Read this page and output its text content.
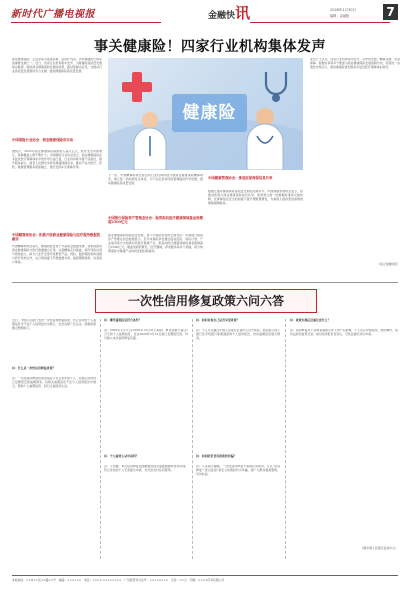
新时代广播电视报	金融快 讯	2026年1月30日
编辑：金融版	7
事关健康险！四家行业机构集体发声
商业健康保险，正逐步成为促进消费、投资扩内需、养老健康医疗体系的重要支撑之一。近日，四家行业机构集中发声，为健康险高质量发展建言献策，围绕商业健康保险发展的政策、路径等提出意见，为推动行业高质量发展提供有力支撑，推进健康保险高质量发展。
中国保险行业协会：商业健康保险有市场
据统计，2025年商业健康保险保费收入超万亿元，赔付支出持续增长，保障覆盖人群不断扩大。中国保险行业协会表示，商业健康保险在多层次医疗保障体系中的作用日益凸显，行业将持续丰富产品供给，提升服务能力，满足人民群众多样化健康保障需求，推动产品与医疗、医药、健康管理服务深度融合，更好发挥补充保障作用。
中国精算师协会：积极开展商业健康保险与医疗服务数据的融合
中国精算师协会指出，健康险经营离不开高质量数据支撑，将积极推动商业健康保险与医疗数据融合应用，完善精算定价基础，提升风险识别与管控能力，助力行业开发更多普惠型产品。同时，鼓励保险机构加强与医疗机构合作，在合规前提下开展数据共享，提高理赔效率，改善客户体验。
健康险
下一步，中国精算师协会将会同行业机构持续开展商业健康保险精算研究，建立统一的疾病发生率表，为产品定价和风险管理提供科学依据，推动健康险高质量发展。
中国银行保险资产管理业协会：险资拟向医疗健康领域基金规模超2500亿元
商业健康保险的高质量发展，离不开保险资金的长期支持。中国银行保险资产管理业协会数据显示，近年来保险资金通过股权投资、债权计划、产业基金等方式积极布局医疗健康产业，拟投向医疗健康领域的基金规模超过2500亿元，覆盖创新药研发、医疗器械、养老服务等多个领域，助力构建保险与健康产业协同发展的新格局。
中国健康管理协会：推进医保商保信息共享
数据互通是健康保险高质量发展的关键环节。中国健康管理协会表示，将推动医保与商业健康保险信息共享，探索建立统一的数据标准和交换机制，在保障信息安全的前提下提升理赔便捷性，为参保人提供更加高效的健康保障服务。
业内人士认为，四家行业机构集中发声，从市场发展、精算支撑、资金保障、数据共享等多个维度为商业健康保险发展指明方向，有望进一步激发市场活力，推动健康险更好服务多层次医疗保障体系建设。
（综合金融时报）
一次性信用修复政策六问六答
近日，中国人民银行发布一次性信用修复政策，符合条件的个人逾期信息可不在个人信用报告中展示，社会各界广泛关注。现就政策要点整理如下。
问：什么是一次性信用修复政策？
答：一次性信用修复政策是指对于符合条件的个人，在规定时间内已足额偿还的逾期债务，其相关逾期信息不在个人信用报告中展示，帮助个人重塑信用，回归正常经济生活。
问：哪些逾期信息符合条件？
答：2020年1月1日至2025年12月31日期间，单笔金额不超过1万元的个人逾期信息，且在2026年3月31日前已足额偿还的，均可纳入本次信用修复范围。
问：个人需要主动申请吗？
答：不需要。本次信用修复由金融信用信息基础数据库自动处理，符合条件的个人无需提交申请，也无需支付任何费用。
问：如何查询自己是否享受政策？
答：个人可以通过中国人民银行征信中心官方网站、商业银行网上银行及手机银行等渠道查询个人信用报告，核实逾期信息展示情况。
问：如何防范冒用政策的诈骗？
答：人民银行提醒，一次性信用修复不收取任何费用，凡以“征信修复”“洗白征信”等名义收费的均为诈骗，请广大群众提高警惕，切勿轻信。
问：政策实施后还需注意什么？
答：信用修复并不意味着逾期记录不再产生影响，个人仍应珍惜信用，按时履约，保持良好的信用记录。如对信用报告有异议，可依法提出异议申请。
（据中国人民银行征信中心）
本报地址：××市××区××路××号　邮编：××××××　电话：××××-××××××××　广告经营许可证号：××××××××　定价：××元　印刷：××××印务有限公司
